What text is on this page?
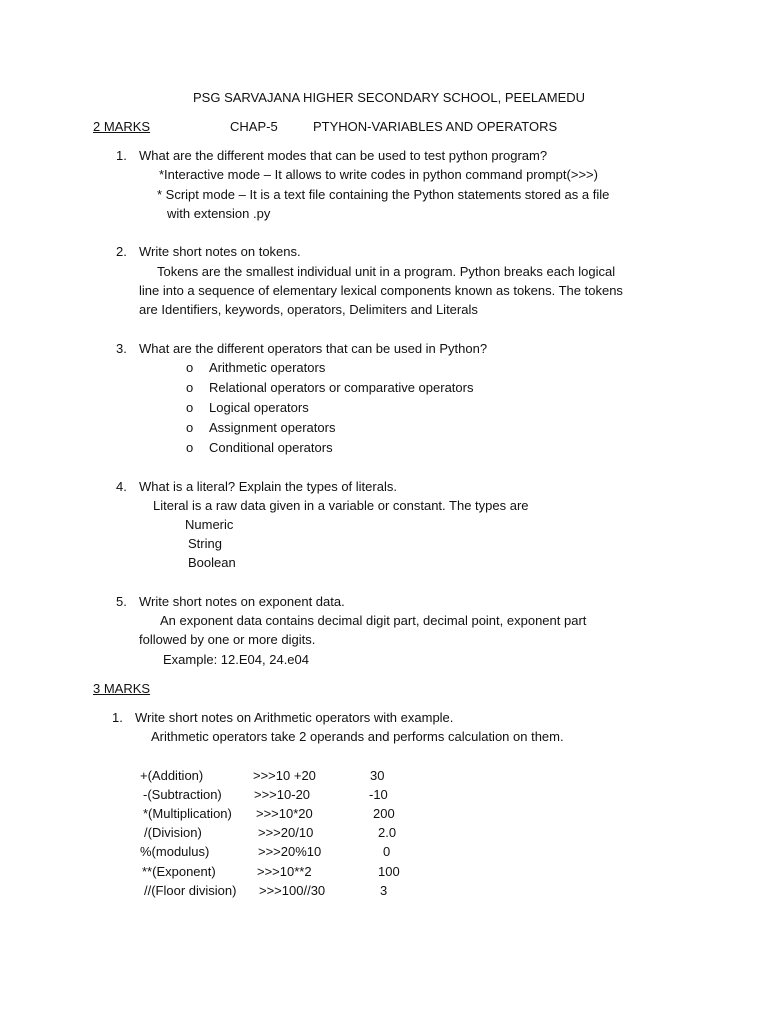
PSG SARVAJANA HIGHER SECONDARY SCHOOL, PEELAMEDU
2 MARKS	CHAP-5	PTYHON-VARIABLES AND OPERATORS
1. What are the different modes that can be used to test python program?
*Interactive mode – It allows to write codes in python command prompt(>>>)
* Script mode – It is a text file containing the Python statements stored as a file
with extension .py
2. Write short notes on tokens.
Tokens are the smallest individual unit in a program. Python breaks each logical
line into a sequence of elementary lexical components known as tokens. The tokens
are Identifiers, keywords, operators, Delimiters and Literals
3. What are the different operators that can be used in Python?
o Arithmetic operators
o Relational operators or comparative operators
o Logical operators
o Assignment operators
o Conditional operators
4. What is a literal? Explain the types of literals.
Literal is a raw data given in a variable or constant. The types are
Numeric
String
Boolean
5. Write short notes on exponent data.
An exponent data contains decimal digit part, decimal point, exponent part
followed by one or more digits.
Example: 12.E04, 24.e04
3 MARKS
1. Write short notes on Arithmetic operators with example.
Arithmetic operators take 2 operands and performs calculation on them.
+(Addition)	>>>10 +20	30
-(Subtraction) >>>10-20	-10
*(Multiplication) >>>10*20	200
/(Division)	>>>20/10	2.0
%(modulus)	>>>20%10	0
**(Exponent)	>>>10**2	100
//(Floor division) >>>100//30	3
